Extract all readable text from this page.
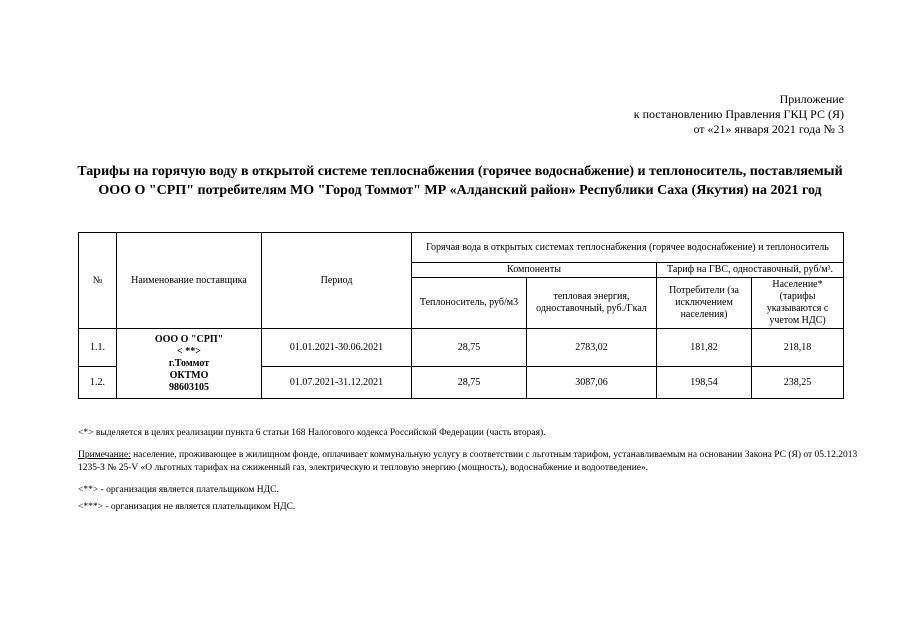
Приложение
к постановлению Правления ГКЦ РС (Я)
от «21» января 2021 года № 3
Тарифы на горячую воду в открытой системе теплоснабжения (горячее водоснабжение) и теплоноситель, поставляемый ООО О "СРП" потребителям МО "Город Томмот" МР «Алданский район» Республики Саха (Якутия) на 2021 год
№	Наименование поставщика	Период	Горячая вода в открытых системах теплоснабжения (горячее водоснабжение) и теплоноситель			
			Компоненты		Тариф на ГВС, одноставочный, руб/м³.	
			Теплоноситель, руб/м3	тепловая энергия, одноставочный, руб./Гкал	Потребители (за исключением населения)	Население* (тарифы указываются с учетом НДС)
1.1.	ООО О "СРП"
< **>
г.Томмот
ОКТМО
98603105	01.01.2021-30.06.2021	28,75	2783,02	181,82	218,18
1.2.		01.07.2021-31.12.2021	28,75	3087,06	198,54	238,25

<*> выделяется в целях реализации пункта 6 статьи 168 Налогового кодекса Российской Федерации (часть вторая).

Примечание: население, проживающее в жилищном фонде, оплачивает коммунальную услугу в соответствии с льготным тарифом, устанавливаемым на основании Закона РС (Я) от 05.12.2013 1235-З № 25-V «О льготных тарифах на сжиженный газ, электрическую и тепловую энергию (мощность), водоснабжение и водоотведение».

<**> - организация является плательщиком НДС.

<***> - организация не является плательщиком НДС.
